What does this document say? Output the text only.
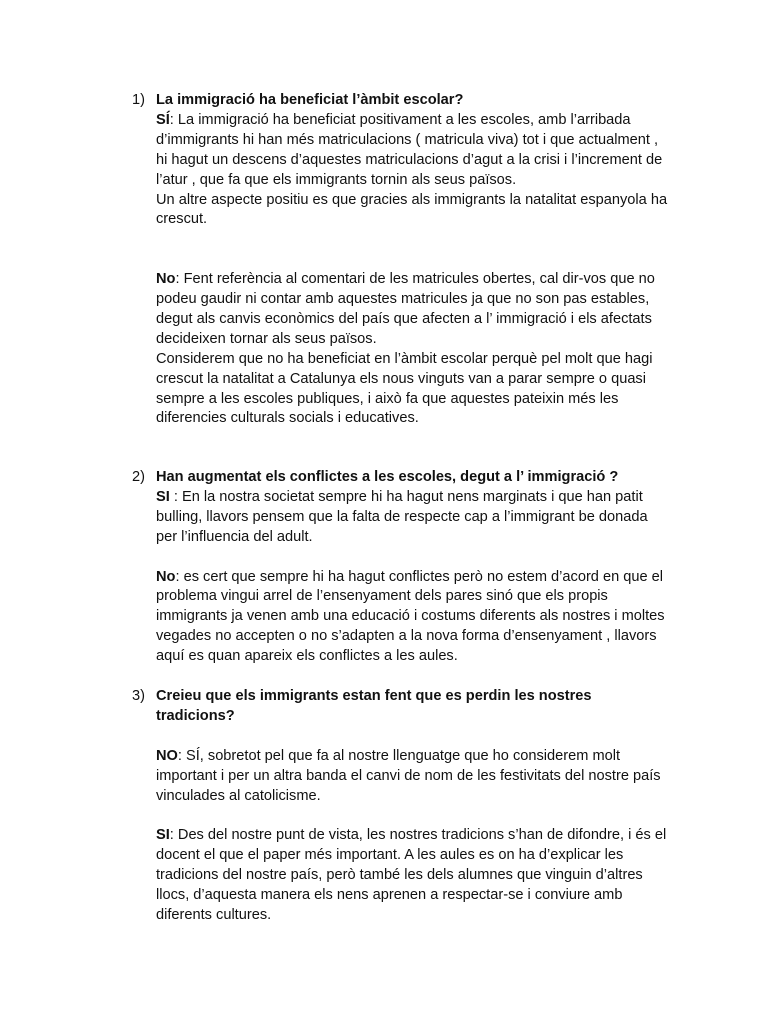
1) La immigració ha beneficiat l’àmbit escolar?

SÍ: La immigració ha beneficiat positivament a les escoles, amb l’arribada d’immigrants hi han més matriculacions ( matricula viva) tot i que actualment , hi hagut un descens d’aquestes matriculacions d’agut a la crisi i l’increment de l’atur , que fa que els immigrants tornin als seus països.

Un altre aspecte positiu es que gracies als immigrants la natalitat espanyola ha crescut.

No: Fent referència al comentari de les matricules obertes, cal dir-vos que no podeu gaudir ni contar amb aquestes matricules ja que no son pas estables, degut als canvis econòmics del país que afecten a l’ immigració i els afectats decideixen tornar als seus països.

Considerem que no ha beneficiat en l’àmbit escolar perquè pel molt que hagi crescut la natalitat a Catalunya els nous vinguts van a parar sempre o quasi sempre a les escoles publiques, i això fa que aquestes pateixin més les diferencies culturals socials i educatives.

2) Han augmentat els conflictes a les escoles, degut a l’ immigració ?

SI : En la nostra societat sempre hi ha hagut nens marginats i que han patit bulling, llavors pensem que la falta de respecte cap a l’immigrant be donada per l’influencia del adult.

No: es cert que sempre hi ha hagut conflictes però no estem d’acord en que el problema vingui arrel de l’ensenyament dels pares sinó que els propis immigrants ja venen amb una educació i costums diferents als nostres i moltes vegades no accepten o no s’adapten a la nova forma d’ensenyament , llavors aquí es quan apareix els conflictes a les aules.

3) Creieu que els immigrants estan fent que es perdin les nostres tradicions?

NO: SÍ, sobretot pel que fa al nostre llenguatge que ho considerem molt important i per un altra banda el canvi de nom de les festivitats del nostre país vinculades al catolicisme.

SI: Des del nostre punt de vista, les nostres tradicions s’han de difondre, i és el docent el que el paper més important. A les aules es on ha d’explicar les tradicions del nostre país, però també les dels alumnes que vinguin d’altres llocs, d’aquesta manera els nens aprenen a respectar-se i conviure amb diferents cultures.
